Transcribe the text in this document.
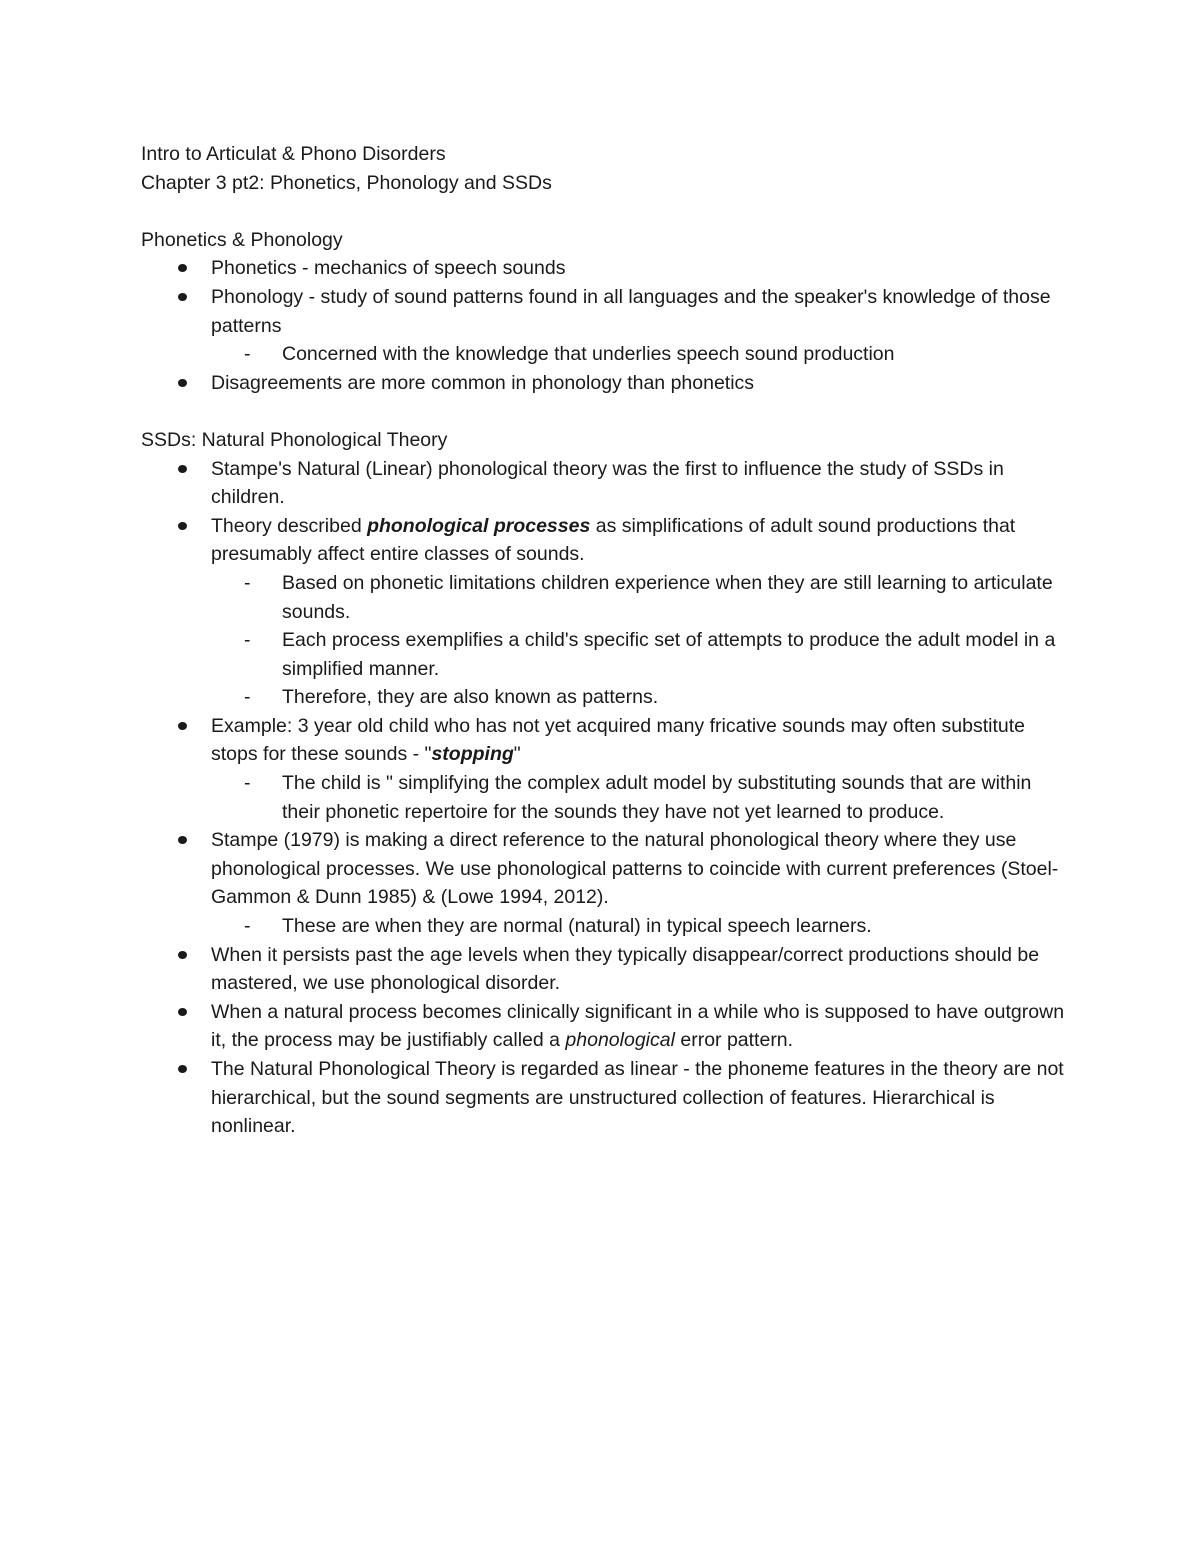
Intro to Articulat & Phono Disorders
Chapter 3 pt2: Phonetics, Phonology and SSDs
Phonetics & Phonology
Phonetics - mechanics of speech sounds
Phonology - study of sound patterns found in all languages and the speaker's knowledge of those patterns
- Concerned with the knowledge that underlies speech sound production
Disagreements are more common in phonology than phonetics
SSDs: Natural Phonological Theory
Stampe's Natural (Linear) phonological theory was the first to influence the study of SSDs in children.
Theory described phonological processes as simplifications of adult sound productions that presumably affect entire classes of sounds.
- Based on phonetic limitations children experience when they are still learning to articulate sounds.
- Each process exemplifies a child's specific set of attempts to produce the adult model in a simplified manner.
- Therefore, they are also known as patterns.
Example: 3 year old child who has not yet acquired many fricative sounds may often substitute stops for these sounds - "stopping"
- The child is " simplifying the complex adult model by substituting sounds that are within their phonetic repertoire for the sounds they have not yet learned to produce.
Stampe (1979) is making a direct reference to the natural phonological theory where they use phonological processes. We use phonological patterns to coincide with current preferences (Stoel-Gammon & Dunn 1985) & (Lowe 1994, 2012).
- These are when they are normal (natural) in typical speech learners.
When it persists past the age levels when they typically disappear/correct productions should be mastered, we use phonological disorder.
When a natural process becomes clinically significant in a while who is supposed to have outgrown it, the process may be justifiably called a phonological error pattern.
The Natural Phonological Theory is regarded as linear - the phoneme features in the theory are not hierarchical, but the sound segments are unstructured collection of features. Hierarchical is nonlinear.
